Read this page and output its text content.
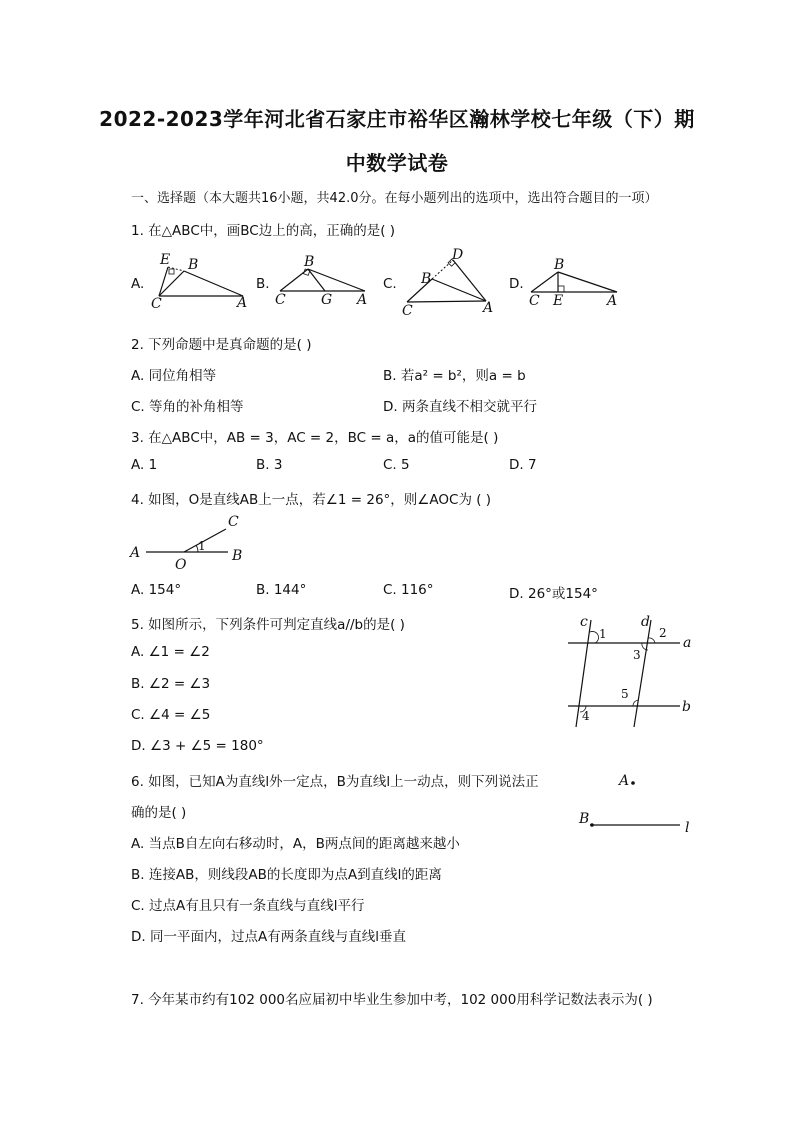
2022-2023学年河北省石家庄市裕华区瀚林学校七年级（下）期
中数学试卷
一、选择题（本大题共16小题，共42.0分。在每小题列出的选项中，选出符合题目的一项）
1. 在△ABC中，画BC边上的高，正确的是( )
A.	B.	C.	D.
E B
C	A
B
C	G A
D
B
C	A
B
C E	A
2. 下列命题中是真命题的是( )
A. 同位角相等	B. 若a² = b²，则a = b
C. 等角的补角相等	D. 两条直线不相交就平行
3. 在△ABC中，AB = 3，AC = 2，BC = a，a的值可能是( )
A. 1	B. 3	C. 5	D. 7
4. 如图，O是直线AB上一点，若∠1 = 26°，则∠AOC为 ( )
A
O
B
C
1
A. 154°	B. 144°	C. 116°	D. 26°或154°
5. 如图所示，下列条件可判定直线a//b的是( )
A. ∠1 = ∠2
B. ∠2 = ∠3
C. ∠4 = ∠5
D. ∠3 + ∠5 = 180°
c	d
a
b
1	2
3
4
5
6. 如图，已知A为直线l外一定点，B为直线l上一动点，则下列说法正
确的是( )
A. 当点B自左向右移动时，A，B两点间的距离越来越小
B. 连接AB，则线段AB的长度即为点A到直线l的距离
C. 过点A有且只有一条直线与直线l平行
D. 同一平面内，过点A有两条直线与直线l垂直
A
B
l
7. 今年某市约有102 000名应届初中毕业生参加中考，102 000用科学记数法表示为( )
